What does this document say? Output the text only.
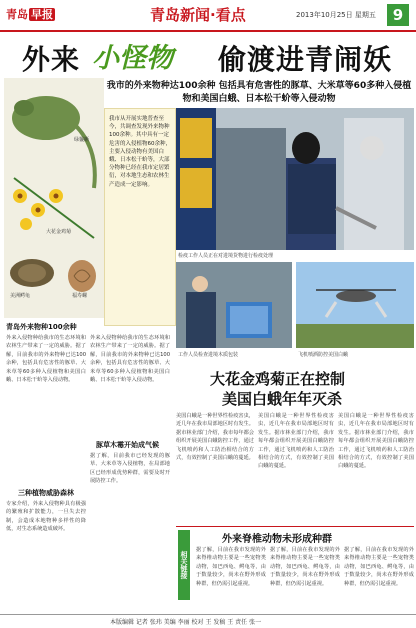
青岛 早报	青岛新闻·看点	2013年10月25日 星期五	9
外来 小怪物 偷渡进青闹妖
我市的外来物种达100余种 包括具有危害性的豚草、大米草等60多种入侵植物和美国白蛾、日本松干蚧等入侵动物
绿鬣蜥
大花金鸡菊
美洲鳄龟	福寿螺
我市从开展实地普查至今，共调查发现外来物种100余种。其中具有一定危害的入侵植物60余种，主要入侵动物有美国白蛾、日本松干蚧等，大部分物种已经在我市定居繁衍，对本地生态和农林生产造成一定影响。
检疫工作人员正在对进境货物进行检疫处理
工作人员检查进境木质包装	飞机喷洒防控美国白蛾
青岛外来物种100余种
外来入侵物种给我市的生态环境和农林生产带来了一定的威胁。据了解，目前我市的外来物种已达100余种，包括具有危害性的豚草、大米草等60多种入侵植物和美国白蛾、日本松干蚧等入侵动物。
三种植物威胁森林
专家介绍，外来入侵物种具有极强的繁殖和扩散能力，一旦失去控制，会造成本地物种多样性的降低，对生态系统造成破坏。
外来入侵物种给我市的生态环境和农林生产带来了一定的威胁。据了解，目前我市的外来物种已达100余种，包括具有危害性的豚草、大米草等60多种入侵植物和美国白蛾、日本松干蚧等入侵动物。
豚草木霉开始成气候
据了解，目前我市已经发现的豚草、大米草等入侵植物，在局部地区已经形成优势种群，需要及时开展防控工作。
大花金鸡菊正在控制
美国白蛾年年灭杀
美国白蛾是一种世界性检疫害虫，近几年在我市局部地区时有发生。据市林业部门介绍，我市每年都会组织开展美国白蛾防控工作，通过飞机喷药和人工防治相结合的方式，有效控制了美国白蛾的蔓延。
美国白蛾是一种世界性检疫害虫，近几年在我市局部地区时有发生。据市林业部门介绍，我市每年都会组织开展美国白蛾防控工作，通过飞机喷药和人工防治相结合的方式，有效控制了美国白蛾的蔓延。
美国白蛾是一种世界性检疫害虫，近几年在我市局部地区时有发生。据市林业部门介绍，我市每年都会组织开展美国白蛾防控工作，通过飞机喷药和人工防治相结合的方式，有效控制了美国白蛾的蔓延。
相关链接
外来脊椎动物未形成种群
据了解，目前在我市发现的外来脊椎动物主要是一些宠物类动物，如巴西龟、鳄龟等，由于数量较少，尚未在野外形成种群，但仍需引起重视。
据了解，目前在我市发现的外来脊椎动物主要是一些宠物类动物，如巴西龟、鳄龟等，由于数量较少，尚未在野外形成种群，但仍需引起重视。
据了解，目前在我市发现的外来脊椎动物主要是一些宠物类动物，如巴西龟、鳄龟等，由于数量较少，尚未在野外形成种群，但仍需引起重视。
本版编辑 记者 张玮 美编 李丽 校对 王 发稿 王 责任 张一
